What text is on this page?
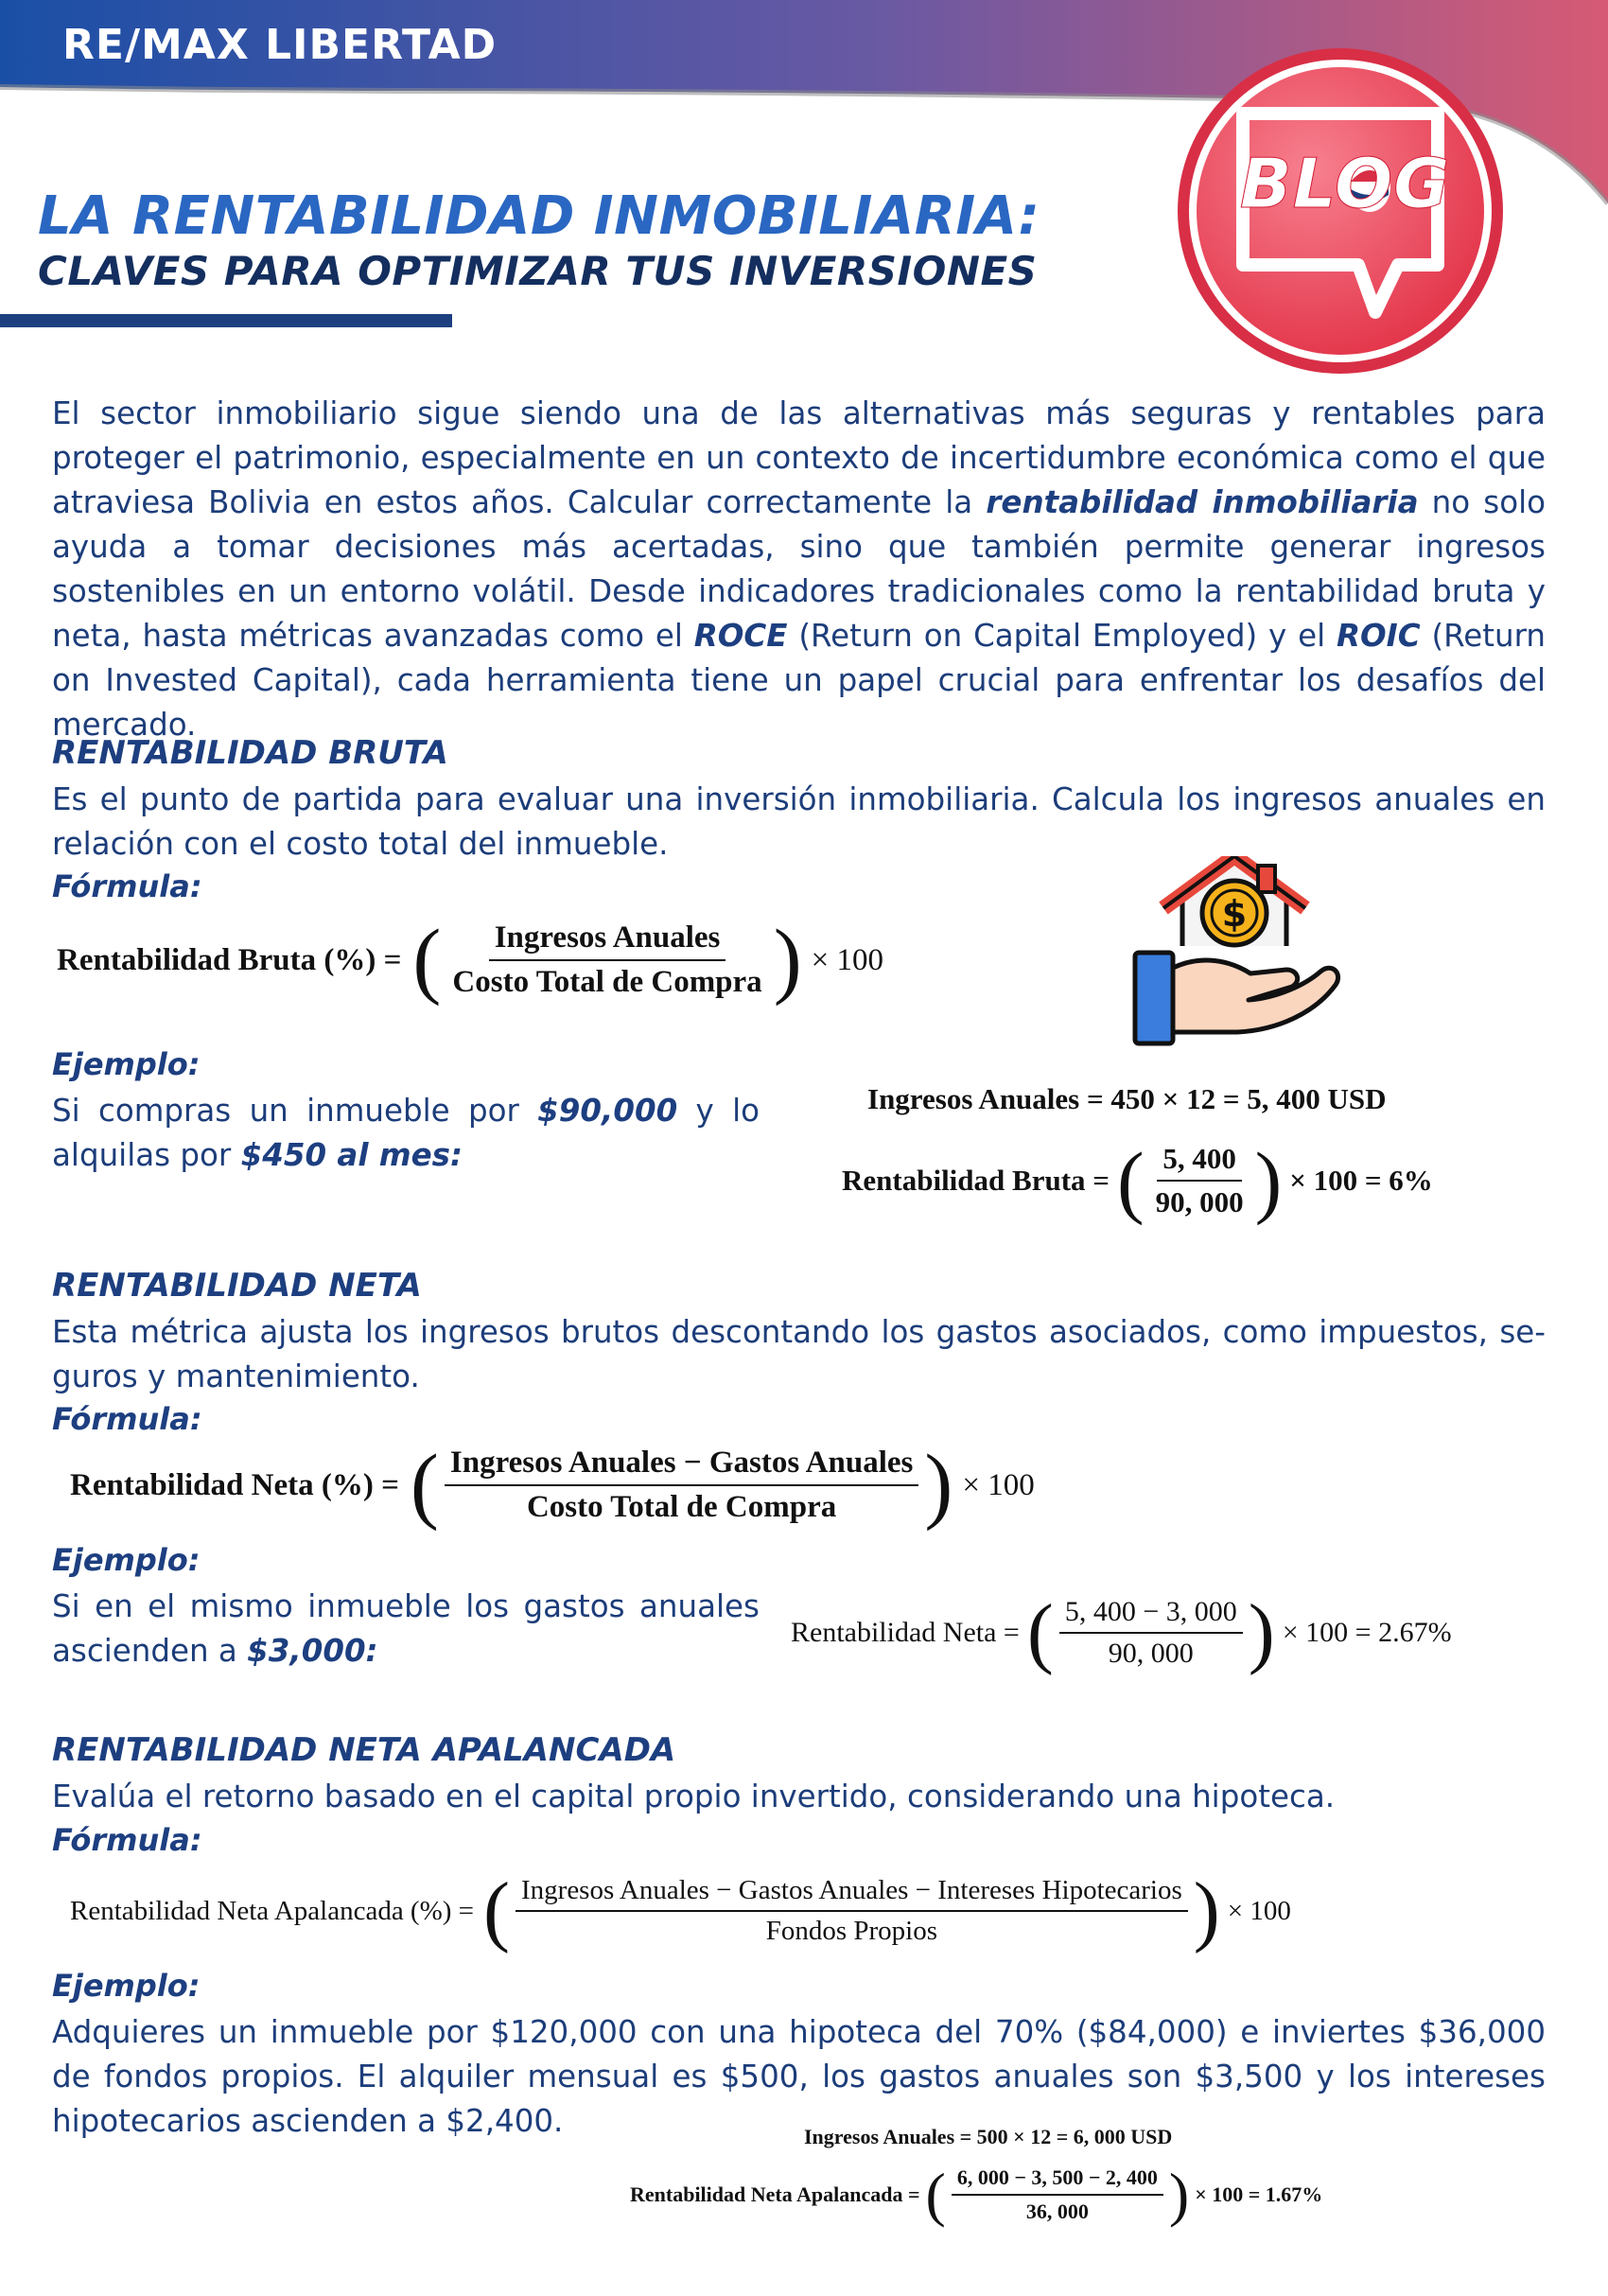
RE/MAX LIBERTAD
LA RENTABILIDAD INMOBILIARIA:
CLAVES PARA OPTIMIZAR TUS INVERSIONES
BLOG

El sector inmobiliario sigue siendo una de las alternativas más seguras y rentables para proteger el patrimonio, especialmente en un contexto de incertidumbre económica como el que atraviesa Bolivia en estos años. Calcular correctamente la rentabilidad inmobiliaria no solo ayuda a tomar decisiones más acertadas, sino que también permite generar ingresos sostenibles en un entorno volátil. Desde indicadores tradicionales como la rentabilidad bruta y neta, hasta métricas avanzadas como el ROCE (Return on Capital Employed) y el ROIC (Return on Invested Capital), cada herramienta tiene un papel crucial para enfrentar los desafíos del mercado.

RENTABILIDAD BRUTA

Es el punto de partida para evaluar una inversión inmobiliaria. Calcula los ingresos anuales en relación con el costo total del inmueble.

Fórmula:
Rentabilidad Bruta (%) = ( $\frac{\text{Ingresos Anuales}}{\text{Costo Total de Compra}}$ ) × 100
$
Ejemplo:

Si compras un inmueble por $90,000 y lo alquilas por $450 al mes:

Ingresos Anuales = 450 × 12 = 5, 400 USD
Rentabilidad Bruta = ( $\frac{5, 400}{90, 000}$ ) × 100 = 6%
RENTABILIDAD NETA

Esta métrica ajusta los ingresos brutos descontando los gastos asociados, como impuestos, se-guros y mantenimiento.

Fórmula:
Rentabilidad Neta (%) = ( $\frac{\text{Ingresos Anuales − Gastos Anuales}}{\text{Costo Total de Compra}}$ ) × 100
Ejemplo:

Si en el mismo inmueble los gastos anuales ascienden a $3,000:

Rentabilidad Neta = ( $\frac{5, 400 - 3, 000}{90, 000}$ ) × 100 = 2.67%
RENTABILIDAD NETA APALANCADA

Evalúa el retorno basado en el capital propio invertido, considerando una hipoteca.

Fórmula:
Rentabilidad Neta Apalancada (%) = ( $\frac{\text{Ingresos Anuales − Gastos Anuales − Intereses Hipotecarios}}{\text{Fondos Propios}}$ ) × 100
Ejemplo:

Adquieres un inmueble por $120,000 con una hipoteca del 70% ($84,000) e inviertes $36,000 de fondos propios. El alquiler mensual es $500, los gastos anuales son $3,500 y los intereses hipotecarios ascienden a $2,400.	Ingresos Anuales = 500 × 12 = 6, 000 USD
Rentabilidad Neta Apalancada = ( $\frac{6, 000 - 3, 500 - 2, 400}{36, 000}$ ) × 100 = 1.67%
